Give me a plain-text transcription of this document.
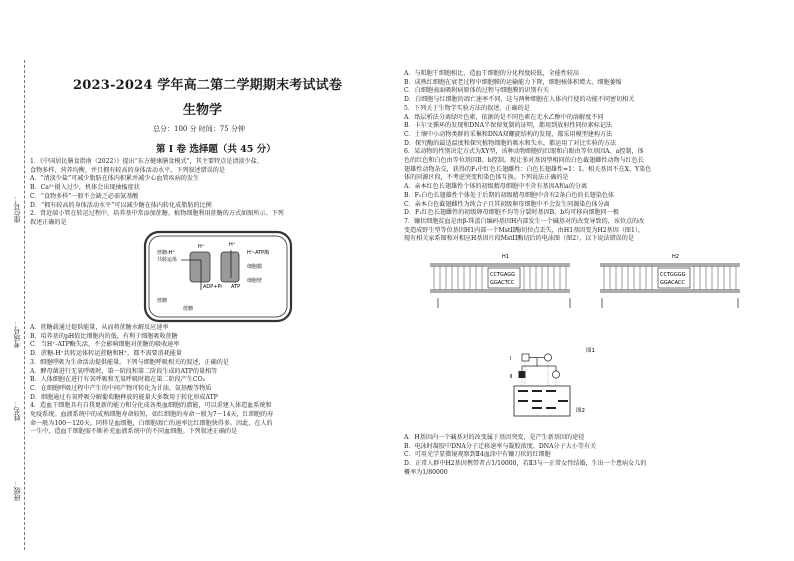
座位号：
考场号：
姓名：
班级：
2023-2024 学年高二第二学期期末考试试卷
生物学
总分：100 分 时间：75 分钟
第 I 卷 选择题（共 45 分）
1．《中国居民膳食指南（2022）》提出“东方健康膳食模式”，其主要特点是清淡少盐、
食物多样、营养均衡，并且拥有较高的身体活动水平。下列叙述错误的是
A．“清淡少盐”可减少脂肪在体内积累并减少心血管疾病的发生
B．Ca²⁺摄入过少，机体会出现抽搐症状
C．“食物多样”一般不会缺乏必需氨基酸
D．“拥有较高的身体活动水平”可以减少糖在体内转化成脂肪的比例
2．肾近端小管在转运过程中，培养基中常添加蔗糖，植物细胞利用蔗糖的方式如图所示。下列
叙述正确的是
蔗糖-H⁺
共转运体
H⁺	H⁺
H⁺-ATP酶
细胞膜
细胞壁
ADP+Pi ATP
蔗糖
蔗糖
A．蔗糖载通过提供能量，从而将蔗糖水解反应速率
B．培养基的pH值比细胞内的低，有利于细胞吸收蔗糖
C．当H⁺-ATP酶失活，不会影响细胞对蔗糖的吸收速率
D．蔗糖-H⁺共转运体转运蔗糖和H⁺，都不需要消耗能量
3．细胞呼吸为生命活动提供能量。下列与细胞呼吸相关的叙述，正确的是
A．酵母菌进行无氧呼吸时，第一阶段和第二阶段生成的ATP的量相等
B．人体细胞在进行有氧呼吸和无氧呼吸时都在第二阶段产生CO₂
C．在细胞呼吸过程中产生的中间产物可转化为甘油、氨基酸等物质
D．细胞通过有氧呼吸分解葡萄糖释放的能量大多数用于转化形成ATP
4．造血干细胞具有自我更新的能力和分化成各类血细胞的潜能，可以重建人体造血系统和
免疫系统。血液系统中的成熟细胞寿命较短，如红细胞的寿命一般为7～14天，红细胞的寿
命一般为100～120天。同样是血细胞，白细胞凋亡的速率比红细胞快得多。因此，在人的
一生中，造血干细胞需不断补充血液系统中的不同血细胞。下列叙述正确的是
A．与肌胞干细胞相比，造血干细胞的分化程度较低，全能性较高
B．成熟红细胞在衰老过程中细胞膜的运输能力下降，细胞核体积增大、细胞萎缩
C．白细胞表面吸附病原体的过程与细胞膜的识别有关
D．白细胞与红细胞的凋亡速率不同，这与两种细胞在人体内行使的功能不同密切相关
5．下列关于生物学实验方法的叙述，正确的是
A．纸层析法分离绿叶色素，依据的是不同色素在无水乙醇中的溶解度不同
B．卡尔文循环的发现和DNA半保留复制的证明，都用到放射性同位素标记法
C．土壤中小动物类群的采集和DNA双螺旋结构的发现，都采用模型建构方法
D．探究酶的最适温度和探究植物细胞的吸水和失水，都运用了对比实验的方法
6．某动物的性别决定方式为XY型，该种动物细胞的红眼和白眼由等位基因A、a控制，体
色的红色和白色由等位基因B、b控制。现让多对基因型相同的白色截翅雌性动物与红色长
翅雄性动物杂交，获得的F₁中红色长翅雌性：白色长翅雄性=1：1。相关基因不在X、Y染色
体的同源区段，不考虑突变和染色体互换。下列说法正确的是
A．亲本红色长翅雄性个体的初级精母细胞中不含有基因A和a的分离
B．F₁白色长翅雄性个体处于后期的初级精母细胞中含有2条白色的长翅染色体
C．亲本白色截翅雌性为纯合子且其初级卵母细胞中不会发生同源染色体分离
D．F₁红色长翅雌性的初级卵母细胞不均等分裂时基因B、b均可移向细胞同一极
7．镰状细胞贫血是由β-珠蛋白编码基因H内部发生一个碱基对的改变导致的，该位点的改
变造成野生型等位基因H1内部一个MstII酶切位点丢失，由H1基因变为H2基因（图1），
现有相关家系图和对相应H基因片段MstII酶切后的电泳图（图2），以下说法错误的是
H1
CCTGAGG
GGACTCC
H2
CCTGGGG
GGACACC
图1
Ⅰ
Ⅱ
图2
A．H基因内一个碱基对的改变属于基因突变，是产生新基因的途径
B．电泳时凝胶中DNA分子迁移速率与凝胶浓度、DNA分子大小等有关
C．可用光学显微镜观察到Ⅱ4血涂中有镰刀状的红细胞
D．正常人群中H2基因携带者占1/10000，若Ⅱ3与一正常女性结婚，生出一个患病女儿的
概率为1/80000
